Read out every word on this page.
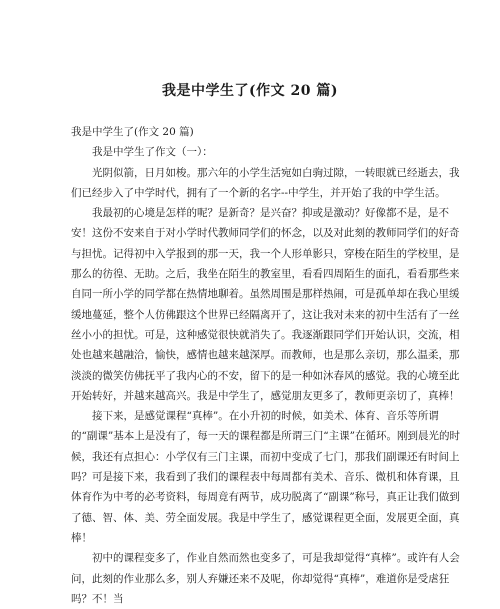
我是中学生了(作文 20 篇)

我是中学生了(作文 20 篇)

我是中学生了作文（一）：

光阴似箭，日月如梭。那六年的小学生活宛如白驹过隙，一转眼就已经逝去，我们已经步入了中学时代，拥有了一个新的名字--中学生，并开始了我的中学生活。

我最初的心境是怎样的呢？是新奇？是兴奋？抑或是激动？好像都不是，是不安！这份不安来自于对小学时代教师同学们的怀念，以及对此刻的教师同学们的好奇与担忧。记得初中入学报到的那一天，我一个人形单影只，穿梭在陌生的学校里，是那么的彷徨、无助。之后，我坐在陌生的教室里，看看四周陌生的面孔，看看那些来自同一所小学的同学都在热情地聊着。虽然周围是那样热闹，可是孤单却在我心里缓缓地蔓延，整个人仿佛跟这个世界已经隔离开了，这让我对未来的初中生活有了一丝丝小小的担忧。可是，这种感觉很快就消失了。我逐渐跟同学们开始认识，交流，相处也越来越融洽，愉快，感情也越来越深厚。而教师，也是那么亲切，那么温柔，那淡淡的微笑仿佛抚平了我内心的不安，留下的是一种如沐春风的感觉。我的心境至此开始转好，并越来越高兴。我是中学生了，感觉朋友更多了，教师更亲切了，真棒！

接下来，是感觉课程“真棒”。在小升初的时候，如美术、体育、音乐等所谓的“副课”基本上是没有了，每一天的课程都是所谓三门“主课”在循环。刚到晨光的时候，我还有点担心：小学仅有三门主课，而初中变成了七门，那我们副课还有时间上吗？可是接下来，我看到了我们的课程表中每周都有美术、音乐、微机和体育课，且体育作为中考的必考资料，每周竟有两节，成功脱离了“副课”称号，真正让我们做到了德、智、体、美、劳全面发展。我是中学生了，感觉课程更全面，发展更全面，真棒！

初中的课程变多了，作业自然而然也变多了，可是我却觉得“真棒”。或许有人会问，此刻的作业那么多，别人弃嫌还来不及呢，你却觉得“真棒”，难道你是受虐狂吗？不！当
